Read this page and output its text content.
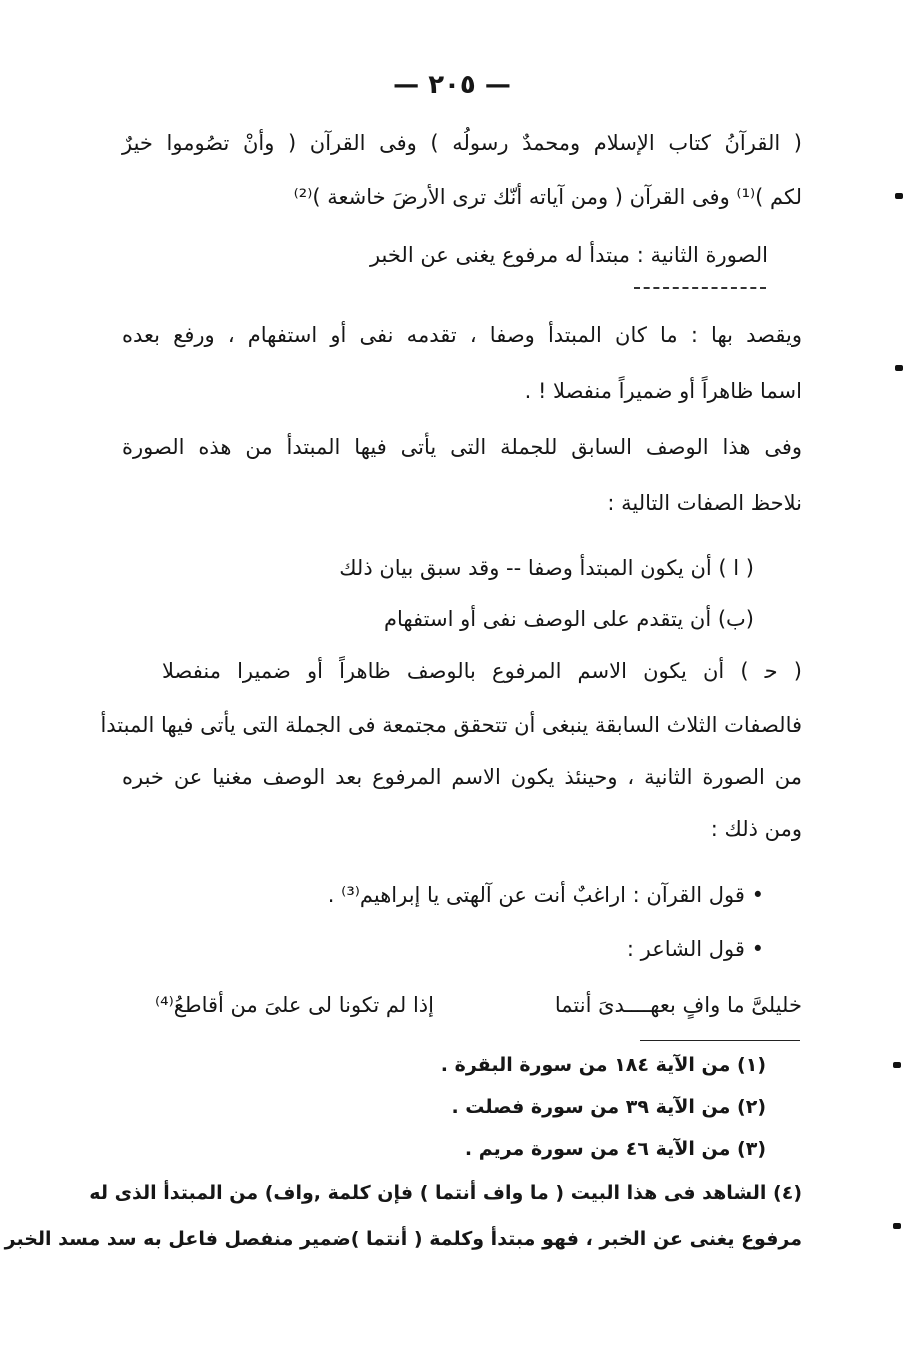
— ٢٠٥ —
( القرآنُ كتاب الإسلام ومحمدٌ رسولُه ) وفى القرآن ( وأنْ تصُوموا خيرٌ
لكم )⁽¹⁾ وفى القرآن ( ومن آياته أنّك ترى الأرضَ خاشعة )⁽²⁾
الصورة الثانية : مبتدأ له مرفوع يغنى عن الخبر
ويقصد بها : ما كان المبتدأ وصفا ، تقدمه نفى أو استفهام ، ورفع بعده
اسما ظاهراً أو ضميراً منفصلا ! .
وفى هذا الوصف السابق للجملة التى يأتى فيها المبتدأ من هذه الصورة
نلاحظ الصفات التالية :
( ا ) أن يكون المبتدأ وصفا -- وقد سبق بيان ذلك
(ب) أن يتقدم على الوصف نفى أو استفهام
( ﺣ ) أن يكون الاسم المرفوع بالوصف ظاهراً أو ضميرا منفصلا
فالصفات الثلاث السابقة ينبغى أن تتحقق مجتمعة فى الجملة التى يأتى فيها المبتدأ
من الصورة الثانية ، وحينئذ يكون الاسم المرفوع بعد الوصف مغنيا عن خبره
ومن ذلك :
• قول القرآن : اراغبٌ أنت عن آلهتى يا إبراهيم⁽³⁾ .
• قول الشاعر :
خليلىَّ ما وافٍ بعهــــدىَ أنتما
إذا لم تكونا لى علىَ من أقاطعُ⁽⁴⁾
(١) من الآية ١٨٤ من سورة البقرة .
(٢) من الآية ٣٩ من سورة فصلت .
(٣) من الآية ٤٦ من سورة مريم .
(٤) الشاهد فى هذا البيت ( ما واف أنتما ) فإن كلمة ,واف) من المبتدأ الذى له
مرفوع يغنى عن الخبر ، فهو مبتدأ وكلمة ( أنتما )ضمير منفصل فاعل به سد مسد الخبر
